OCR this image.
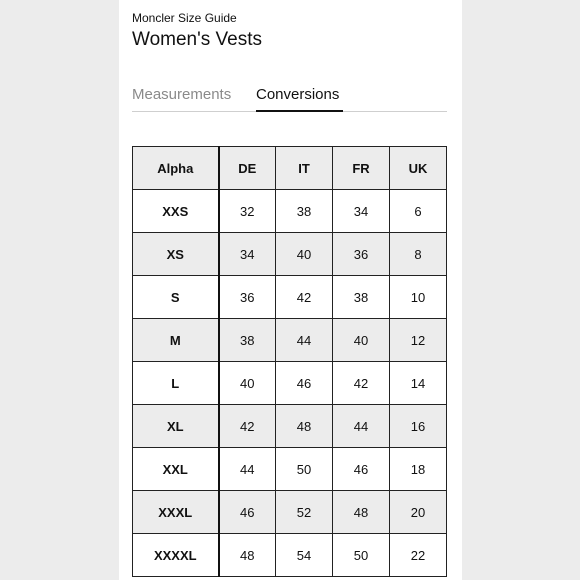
Moncler Size Guide
Women's Vests
Measurements Conversions
Alpha	DE	IT	FR	UK
XXS	32	38	34	6
XS	34	40	36	8
S	36	42	38	10
M	38	44	40	12
L	40	46	42	14
XL	42	48	44	16
XXL	44	50	46	18
XXXL	46	52	48	20
XXXXL	48	54	50	22
